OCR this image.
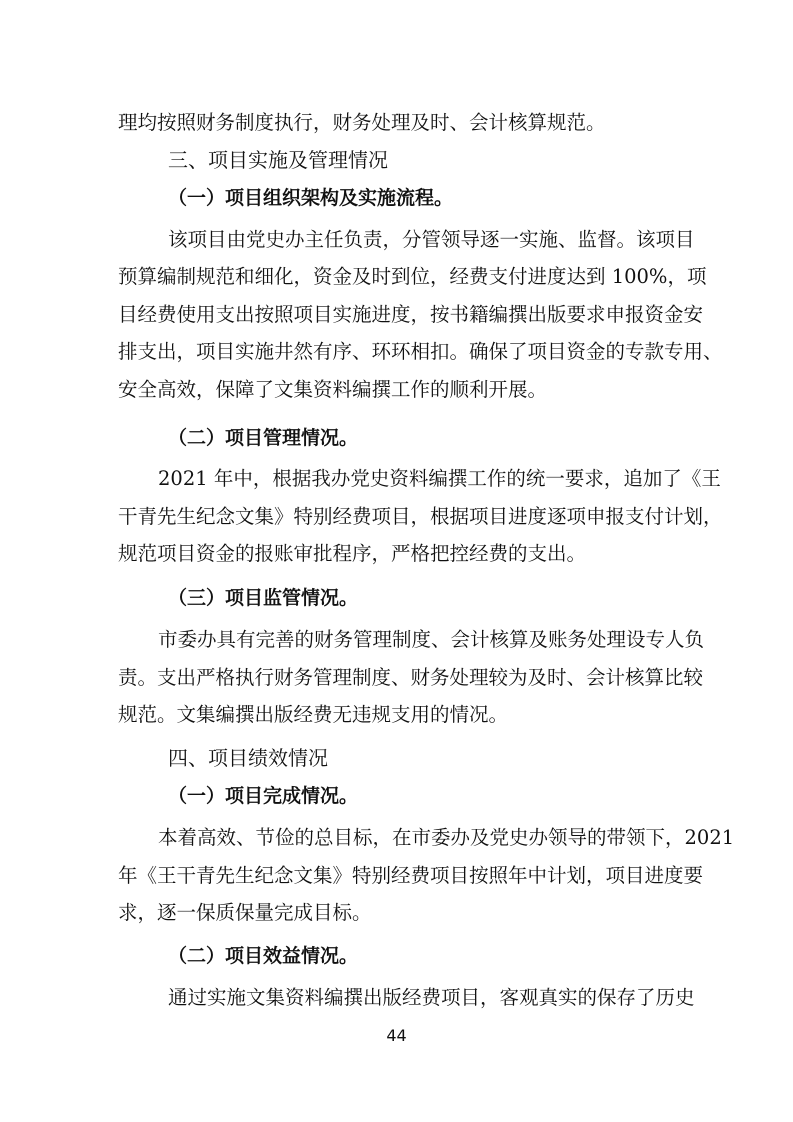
理均按照财务制度执行，财务处理及时、会计核算规范。
三、项目实施及管理情况
（一）项目组织架构及实施流程。
该项目由党史办主任负责，分管领导逐一实施、监督。该项目
预算编制规范和细化，资金及时到位，经费支付进度达到 100%，项
目经费使用支出按照项目实施进度，按书籍编撰出版要求申报资金安
排支出，项目实施井然有序、环环相扣。确保了项目资金的专款专用、
安全高效，保障了文集资料编撰工作的顺利开展。
（二）项目管理情况。
2021 年中，根据我办党史资料编撰工作的统一要求，追加了《王
干青先生纪念文集》特别经费项目，根据项目进度逐项申报支付计划，
规范项目资金的报账审批程序，严格把控经费的支出。
（三）项目监管情况。
市委办具有完善的财务管理制度、会计核算及账务处理设专人负
责。支出严格执行财务管理制度、财务处理较为及时、会计核算比较
规范。文集编撰出版经费无违规支用的情况。
四、项目绩效情况
（一）项目完成情况。
本着高效、节俭的总目标，在市委办及党史办领导的带领下，2021
年《王干青先生纪念文集》特别经费项目按照年中计划，项目进度要
求，逐一保质保量完成目标。
（二）项目效益情况。
通过实施文集资料编撰出版经费项目，客观真实的保存了历史
44
